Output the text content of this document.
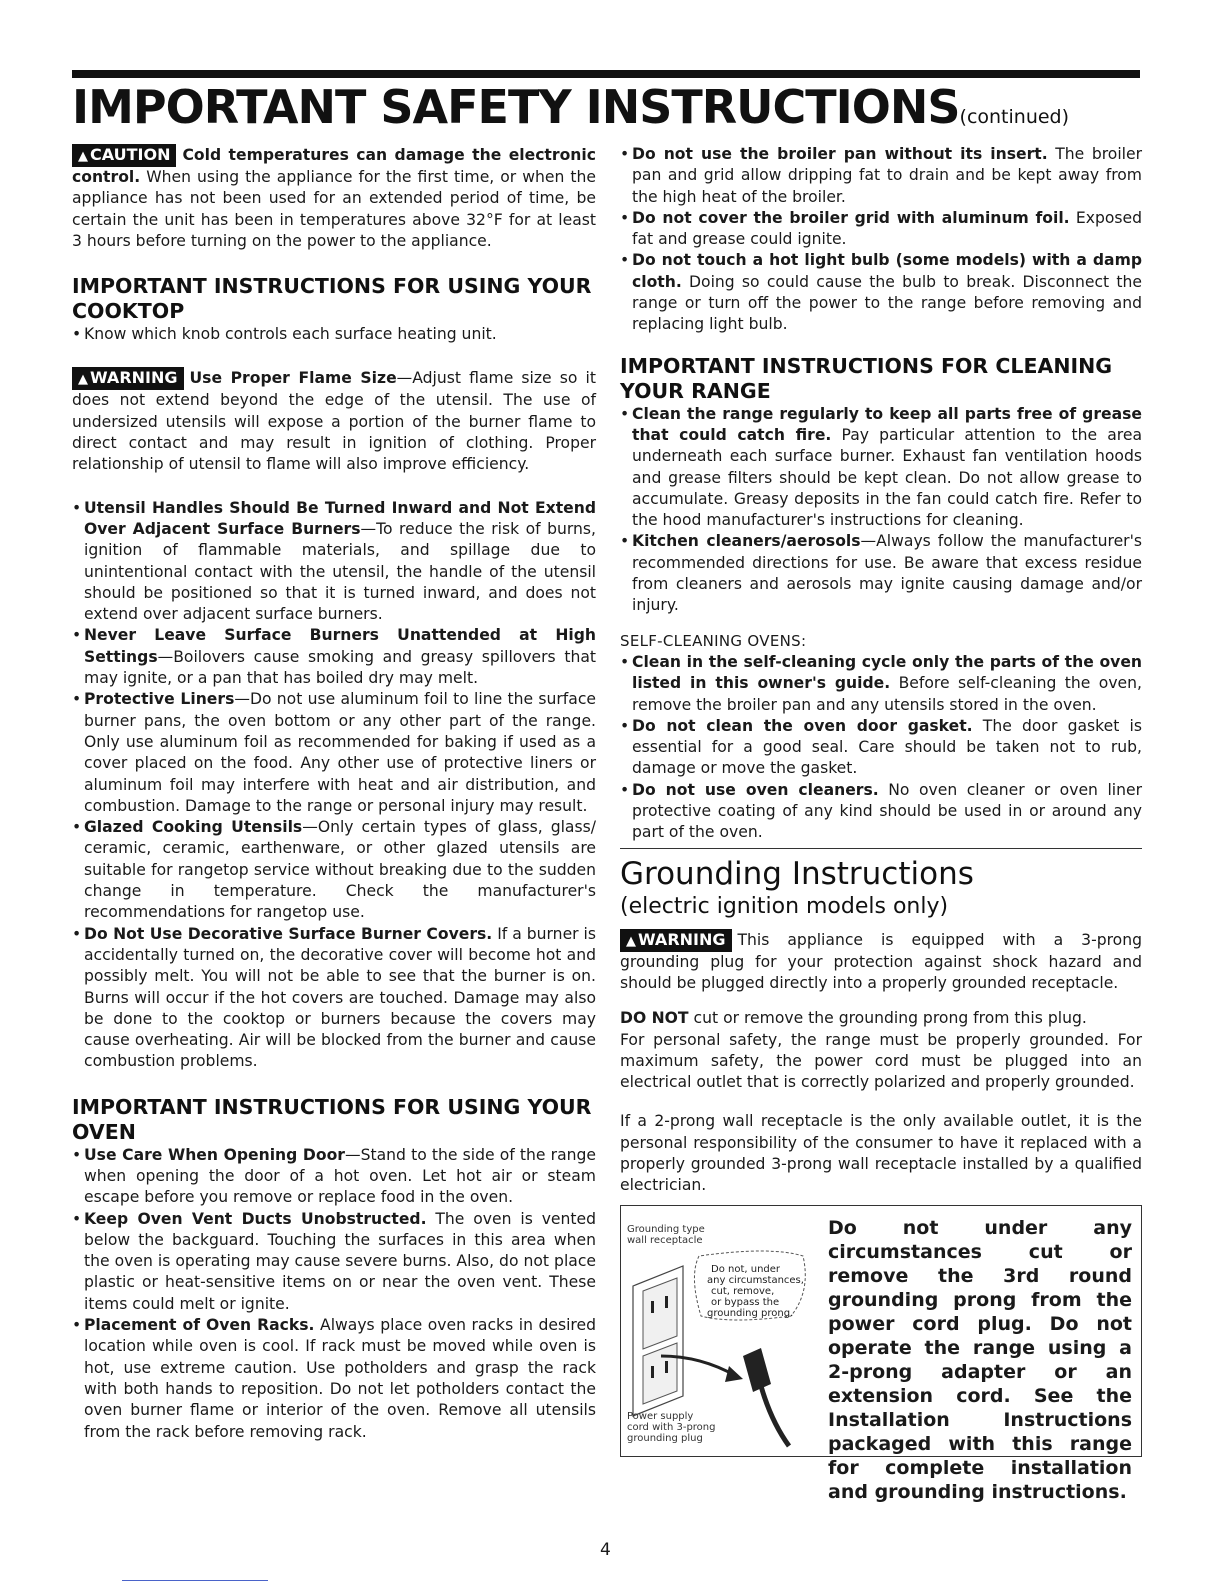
IMPORTANT SAFETY INSTRUCTIONS(continued)

▲ CAUTION Cold temperatures can damage the electronic control. When using the appliance for the first time, or when the appliance has not been used for an extended period of time, be certain the unit has been in temperatures above 32°F for at least 3 hours before turning on the power to the appliance.

IMPORTANT INSTRUCTIONS FOR USING YOUR COOKTOP
• Know which knob controls each surface heating unit.

▲ WARNING Use Proper Flame Size—Adjust flame size so it does not extend beyond the edge of the utensil. The use of undersized utensils will expose a portion of the burner flame to direct contact and may result in ignition of clothing. Proper relationship of utensil to flame will also improve efficiency.

• Utensil Handles Should Be Turned Inward and Not Extend Over Adjacent Surface Burners—To reduce the risk of burns, ignition of flammable materials, and spillage due to unintentional contact with the utensil, the handle of the utensil should be positioned so that it is turned inward, and does not extend over adjacent surface burners.
• Never Leave Surface Burners Unattended at High Settings—Boilovers cause smoking and greasy spillovers that may ignite, or a pan that has boiled dry may melt.
• Protective Liners—Do not use aluminum foil to line the surface burner pans, the oven bottom or any other part of the range. Only use aluminum foil as recommended for baking if used as a cover placed on the food. Any other use of protective liners or aluminum foil may interfere with heat and air distribution, and combustion. Damage to the range or personal injury may result.
• Glazed Cooking Utensils—Only certain types of glass, glass/ ceramic, ceramic, earthenware, or other glazed utensils are suitable for rangetop service without breaking due to the sudden change in temperature. Check the manufacturer's recommendations for rangetop use.
• Do Not Use Decorative Surface Burner Covers. If a burner is accidentally turned on, the decorative cover will become hot and possibly melt. You will not be able to see that the burner is on. Burns will occur if the hot covers are touched. Damage may also be done to the cooktop or burners because the covers may cause overheating. Air will be blocked from the burner and cause combustion problems.
IMPORTANT INSTRUCTIONS FOR USING YOUR OVEN
• Use Care When Opening Door—Stand to the side of the range when opening the door of a hot oven. Let hot air or steam escape before you remove or replace food in the oven.
• Keep Oven Vent Ducts Unobstructed. The oven is vented below the backguard. Touching the surfaces in this area when the oven is operating may cause severe burns. Also, do not place plastic or heat-sensitive items on or near the oven vent. These items could melt or ignite.
• Placement of Oven Racks. Always place oven racks in desired location while oven is cool. If rack must be moved while oven is hot, use extreme caution. Use potholders and grasp the rack with both hands to reposition. Do not let potholders contact the oven burner flame or interior of the oven. Remove all utensils from the rack before removing rack.
• Do not use the broiler pan without its insert. The broiler pan and grid allow dripping fat to drain and be kept away from the high heat of the broiler.
• Do not cover the broiler grid with aluminum foil. Exposed fat and grease could ignite.
• Do not touch a hot light bulb (some models) with a damp cloth. Doing so could cause the bulb to break. Disconnect the range or turn off the power to the range before removing and replacing light bulb.
IMPORTANT INSTRUCTIONS FOR CLEANING YOUR RANGE
• Clean the range regularly to keep all parts free of grease that could catch fire. Pay particular attention to the area underneath each surface burner. Exhaust fan ventilation hoods and grease filters should be kept clean. Do not allow grease to accumulate. Greasy deposits in the fan could catch fire. Refer to the hood manufacturer's instructions for cleaning.
• Kitchen cleaners/aerosols—Always follow the manufacturer's recommended directions for use. Be aware that excess residue from cleaners and aerosols may ignite causing damage and/or injury.
SELF-CLEANING OVENS:
• Clean in the self-cleaning cycle only the parts of the oven listed in this owner's guide. Before self-cleaning the oven, remove the broiler pan and any utensils stored in the oven.
• Do not clean the oven door gasket. The door gasket is essential for a good seal. Care should be taken not to rub, damage or move the gasket.
• Do not use oven cleaners. No oven cleaner or oven liner protective coating of any kind should be used in or around any part of the oven.
Grounding Instructions
(electric ignition models only)

▲ WARNING This appliance is equipped with a 3-prong grounding plug for your protection against shock hazard and should be plugged directly into a properly grounded receptacle.

DO NOT cut or remove the grounding prong from this plug.

For personal safety, the range must be properly grounded. For maximum safety, the power cord must be plugged into an electrical outlet that is correctly polarized and properly grounded.

If a 2-prong wall receptacle is the only available outlet, it is the personal responsibility of the consumer to have it replaced with a properly grounded 3-prong wall receptacle installed by a qualified electrician.

Grounding type
wall receptacle
Do not, under
any circumstances,
cut, remove,
or bypass the
grounding prong.
Power supply
cord with 3-prong
grounding plug
Do not under any circumstances cut or remove the 3rd round grounding prong from the power cord plug. Do not operate the range using a 2-prong adapter or an extension cord. See the Installation Instructions packaged with this range for complete installation and grounding instructions.
4
